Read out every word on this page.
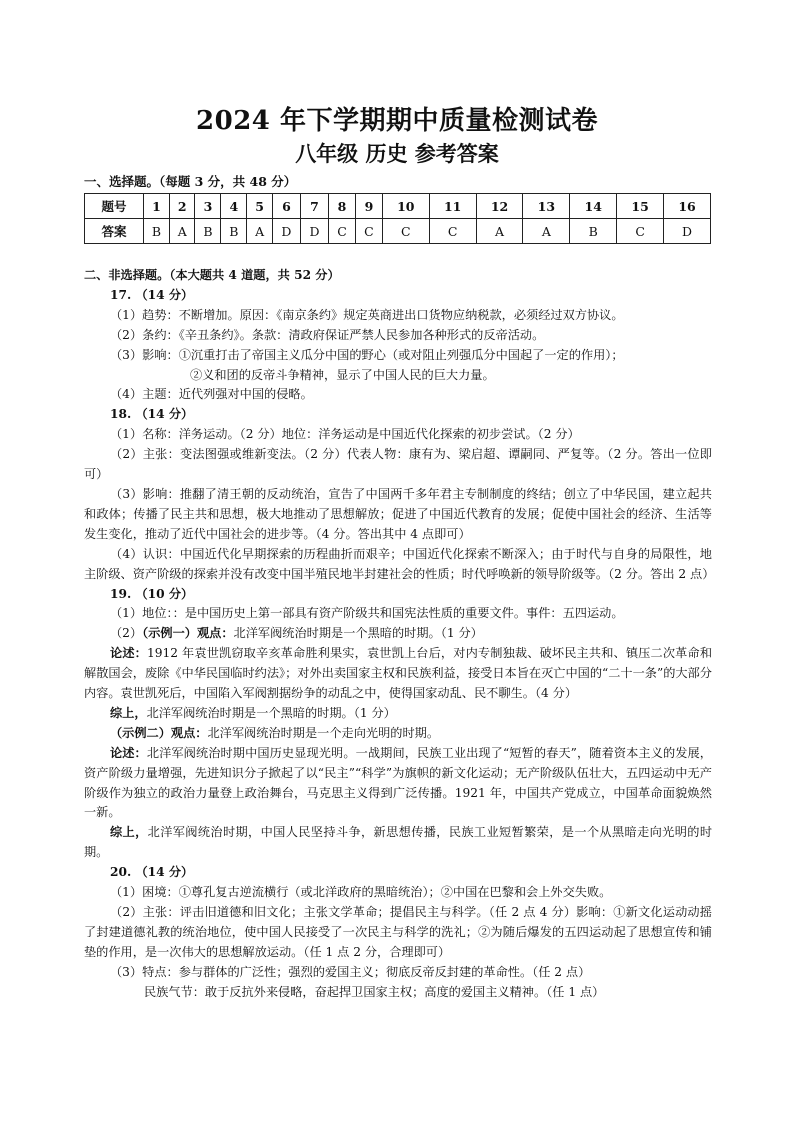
2024 年下学期期中质量检测试卷
八年级 历史 参考答案
一、选择题。（每题 3 分，共 48 分）
题号	1	2	3	4	5	6	7	8	9	10	11	12	13	14	15	16
答案	B	A	B	B	A	D	D	C	C	C	C	A	A	B	C	D

二、非选择题。（本大题共 4 道题，共 52 分）

17. （14 分）

（1）趋势：不断增加。原因：《南京条约》规定英商进出口货物应纳税款，必须经过双方协议。

（2）条约：《辛丑条约》。条款：清政府保证严禁人民参加各种形式的反帝活动。

（3）影响：①沉重打击了帝国主义瓜分中国的野心（或对阻止列强瓜分中国起了一定的作用）；

②义和团的反帝斗争精神，显示了中国人民的巨大力量。

（4）主题：近代列强对中国的侵略。

18. （14 分）

（1）名称：洋务运动。（2 分）地位：洋务运动是中国近代化探索的初步尝试。（2 分）

（2）主张：变法图强或维新变法。（2 分）代表人物：康有为、梁启超、谭嗣同、严复等。（2 分。答出一位即可）

（3）影响：推翻了清王朝的反动统治，宣告了中国两千多年君主专制制度的终结；创立了中华民国，建立起共和政体；传播了民主共和思想，极大地推动了思想解放；促进了中国近代教育的发展；促使中国社会的经济、生活等发生变化，推动了近代中国社会的进步等。（4 分。答出其中 4 点即可）

（4）认识：中国近代化早期探索的历程曲折而艰辛；中国近代化探索不断深入；由于时代与自身的局限性，地主阶级、资产阶级的探索并没有改变中国半殖民地半封建社会的性质；时代呼唤新的领导阶级等。（2 分。答出 2 点）

19. （10 分）

（1）地位：：是中国历史上第一部具有资产阶级共和国宪法性质的重要文件。事件：五四运动。

（2）（示例一）观点：北洋军阀统治时期是一个黑暗的时期。（1 分）

论述：1912 年袁世凯窃取辛亥革命胜利果实，袁世凯上台后，对内专制独裁、破坏民主共和、镇压二次革命和解散国会，废除《中华民国临时约法》；对外出卖国家主权和民族利益，接受日本旨在灭亡中国的“二十一条”的大部分内容。袁世凯死后，中国陷入军阀割据纷争的动乱之中，使得国家动乱、民不聊生。（4 分）

综上，北洋军阀统治时期是一个黑暗的时期。（1 分）

（示例二）观点：北洋军阀统治时期是一个走向光明的时期。

论述：北洋军阀统治时期中国历史显现光明。一战期间，民族工业出现了“短暂的春天”，随着资本主义的发展，资产阶级力量增强，先进知识分子掀起了以“民主”“科学”为旗帜的新文化运动；无产阶级队伍壮大，五四运动中无产阶级作为独立的政治力量登上政治舞台，马克思主义得到广泛传播。1921 年，中国共产党成立，中国革命面貌焕然一新。

综上，北洋军阀统治时期，中国人民坚持斗争，新思想传播，民族工业短暂繁荣，是一个从黑暗走向光明的时期。

20. （14 分）

（1）困境：①尊孔复古逆流横行（或北洋政府的黑暗统治）；②中国在巴黎和会上外交失败。

（2）主张：评击旧道德和旧文化；主张文学革命；提倡民主与科学。（任 2 点 4 分）影响：①新文化运动动摇了封建道德礼教的统治地位，使中国人民接受了一次民主与科学的洗礼；②为随后爆发的五四运动起了思想宣传和铺垫的作用，是一次伟大的思想解放运动。（任 1 点 2 分，合理即可）

（3）特点：参与群体的广泛性；强烈的爱国主义；彻底反帝反封建的革命性。（任 2 点）

民族气节：敢于反抗外来侵略，奋起捍卫国家主权；高度的爱国主义精神。（任 1 点）
